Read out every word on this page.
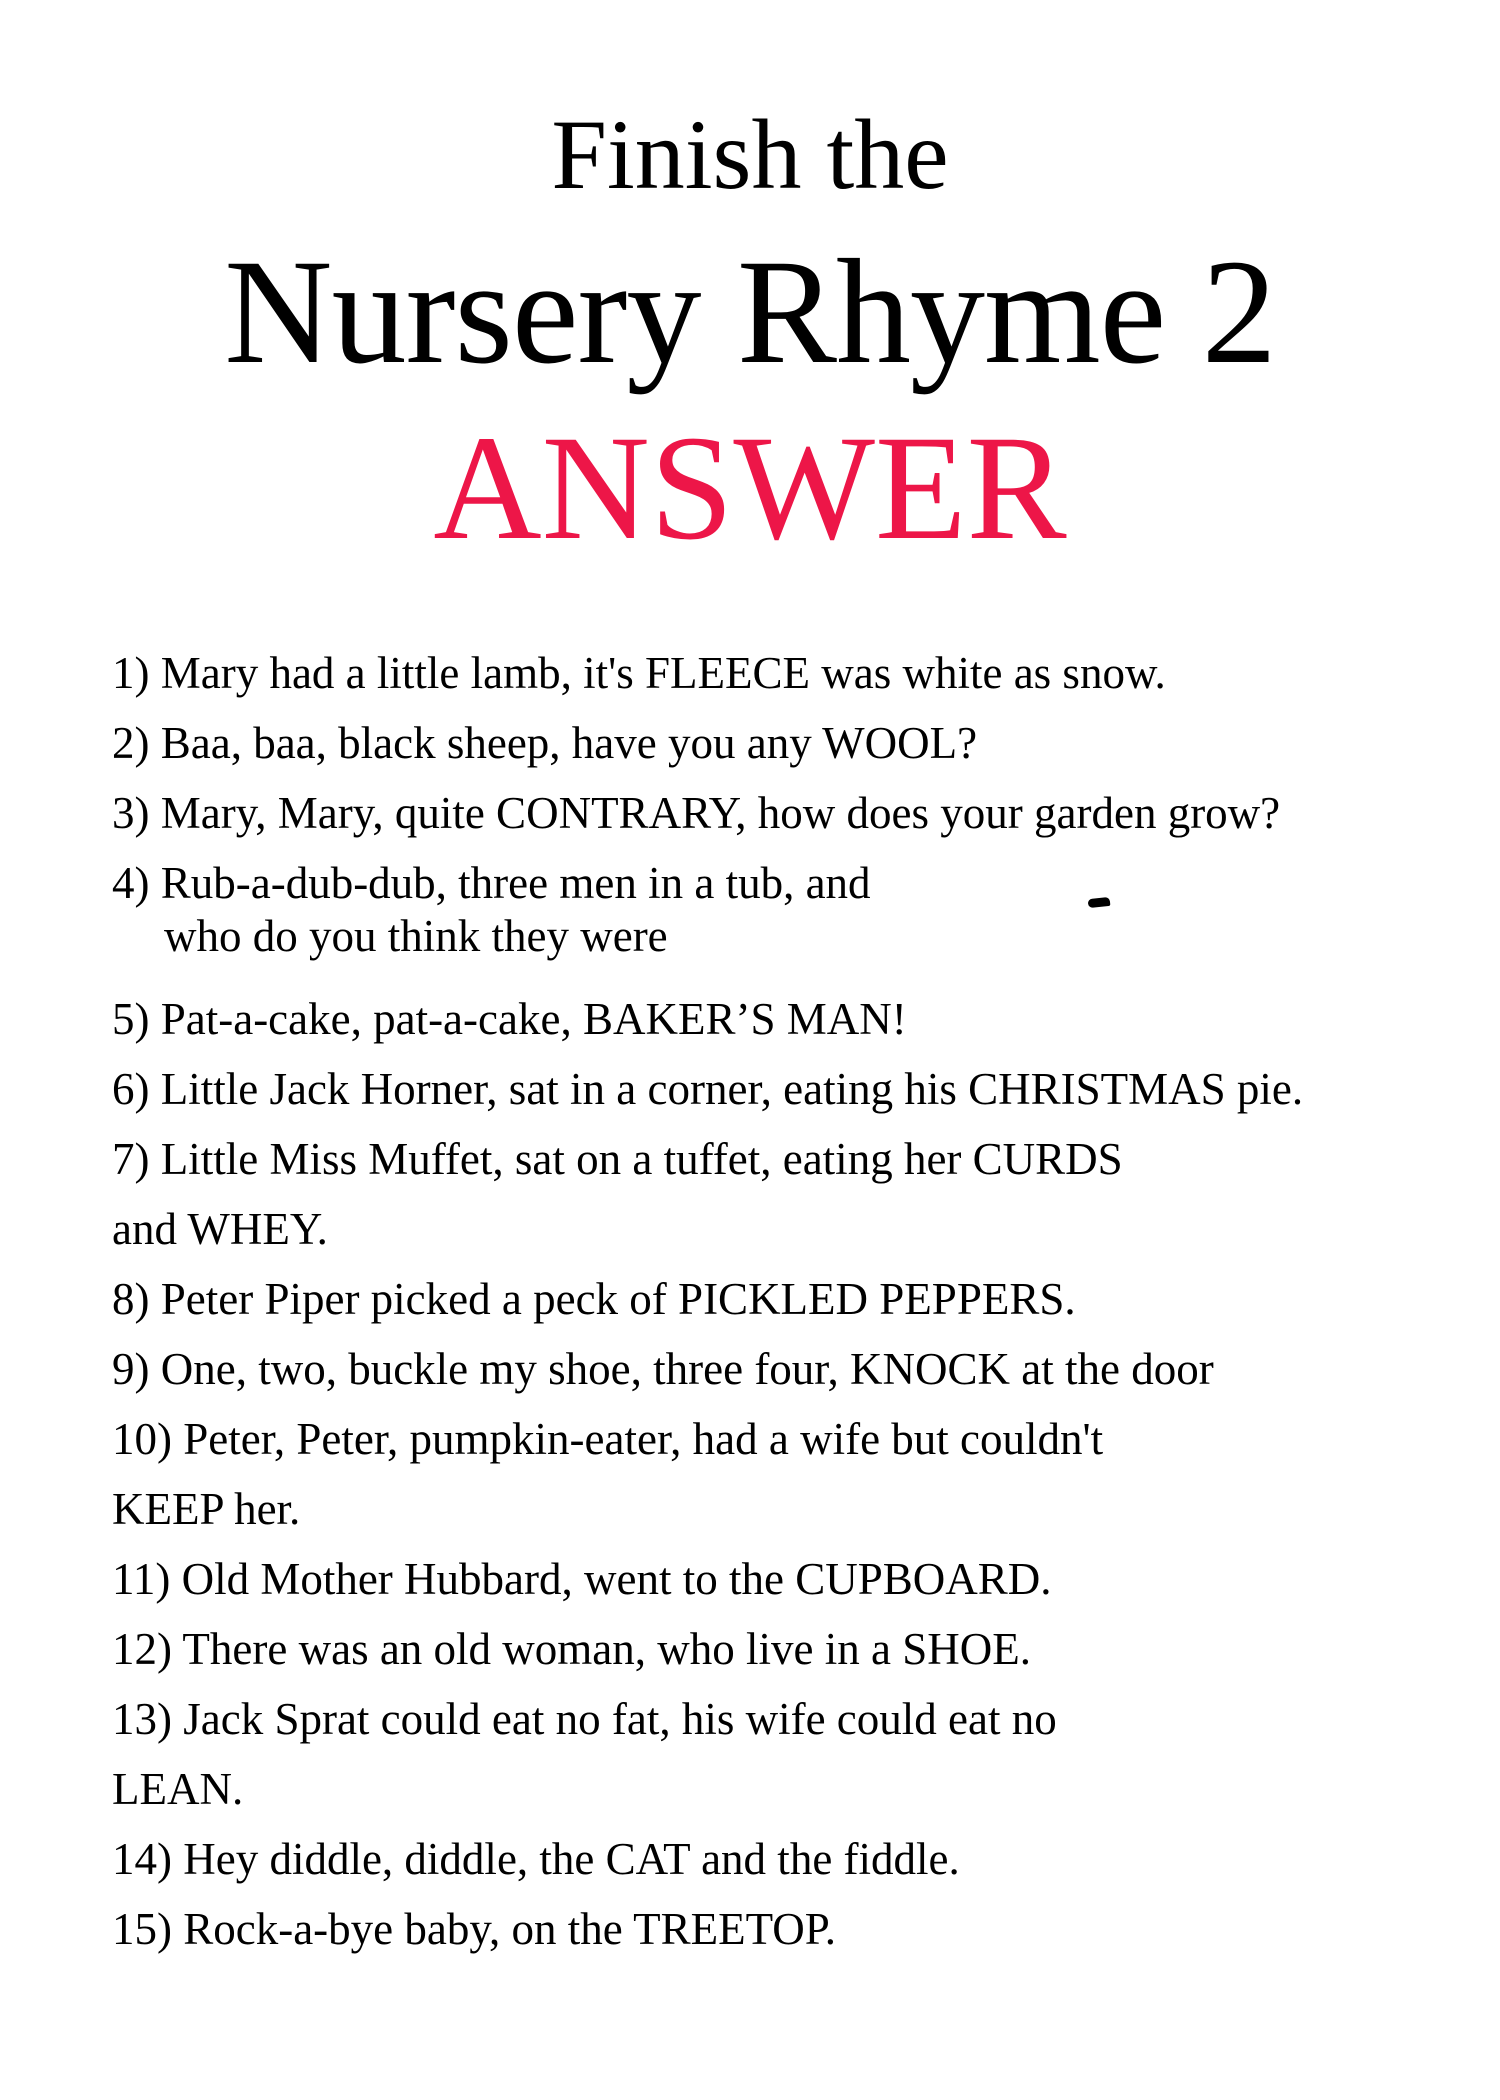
Finish the
Nursery Rhyme 2
ANSWER
1) Mary had a little lamb, it's FLEECE was white as snow.
2) Baa, baa, black sheep, have you any WOOL?
3) Mary, Mary, quite CONTRARY, how does your garden grow?
4) Rub-a-dub-dub, three men in a tub, and
who do you think they were
5) Pat-a-cake, pat-a-cake, BAKER’S MAN!
6) Little Jack Horner, sat in a corner, eating his CHRISTMAS pie.
7) Little Miss Muffet, sat on a tuffet, eating her CURDS
and WHEY.
8) Peter Piper picked a peck of PICKLED PEPPERS.
9) One, two, buckle my shoe, three four, KNOCK at the door
10) Peter, Peter, pumpkin-eater, had a wife but couldn't
KEEP her.
11) Old Mother Hubbard, went to the CUPBOARD.
12) There was an old woman, who live in a SHOE.
13) Jack Sprat could eat no fat, his wife could eat no
LEAN.
14) Hey diddle, diddle, the CAT and the fiddle.
15) Rock-a-bye baby, on the TREETOP.
